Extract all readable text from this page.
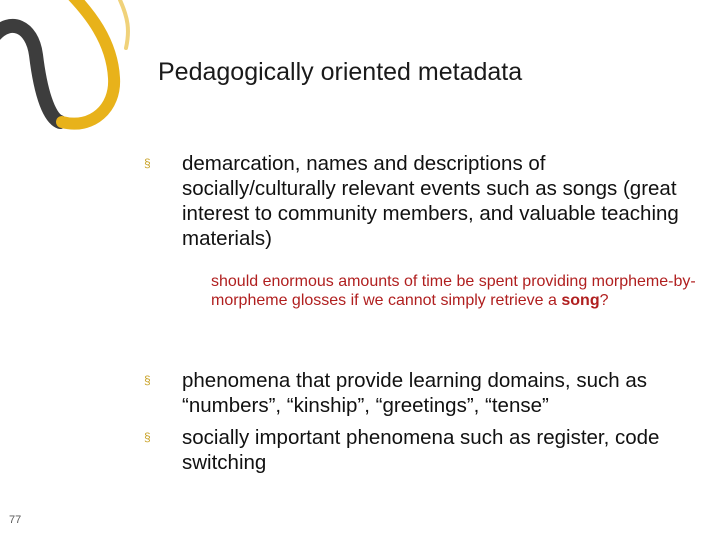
Pedagogically oriented metadata
§ demarcation, names and descriptions of socially/culturally relevant events such as songs (great interest to community members, and valuable teaching materials)
should enormous amounts of time be spent providing morpheme-by-morpheme glosses if we cannot simply retrieve a song?
§ phenomena that provide learning domains, such as “numbers”, “kinship”, “greetings”, “tense”
§ socially important phenomena such as register, code switching
77
